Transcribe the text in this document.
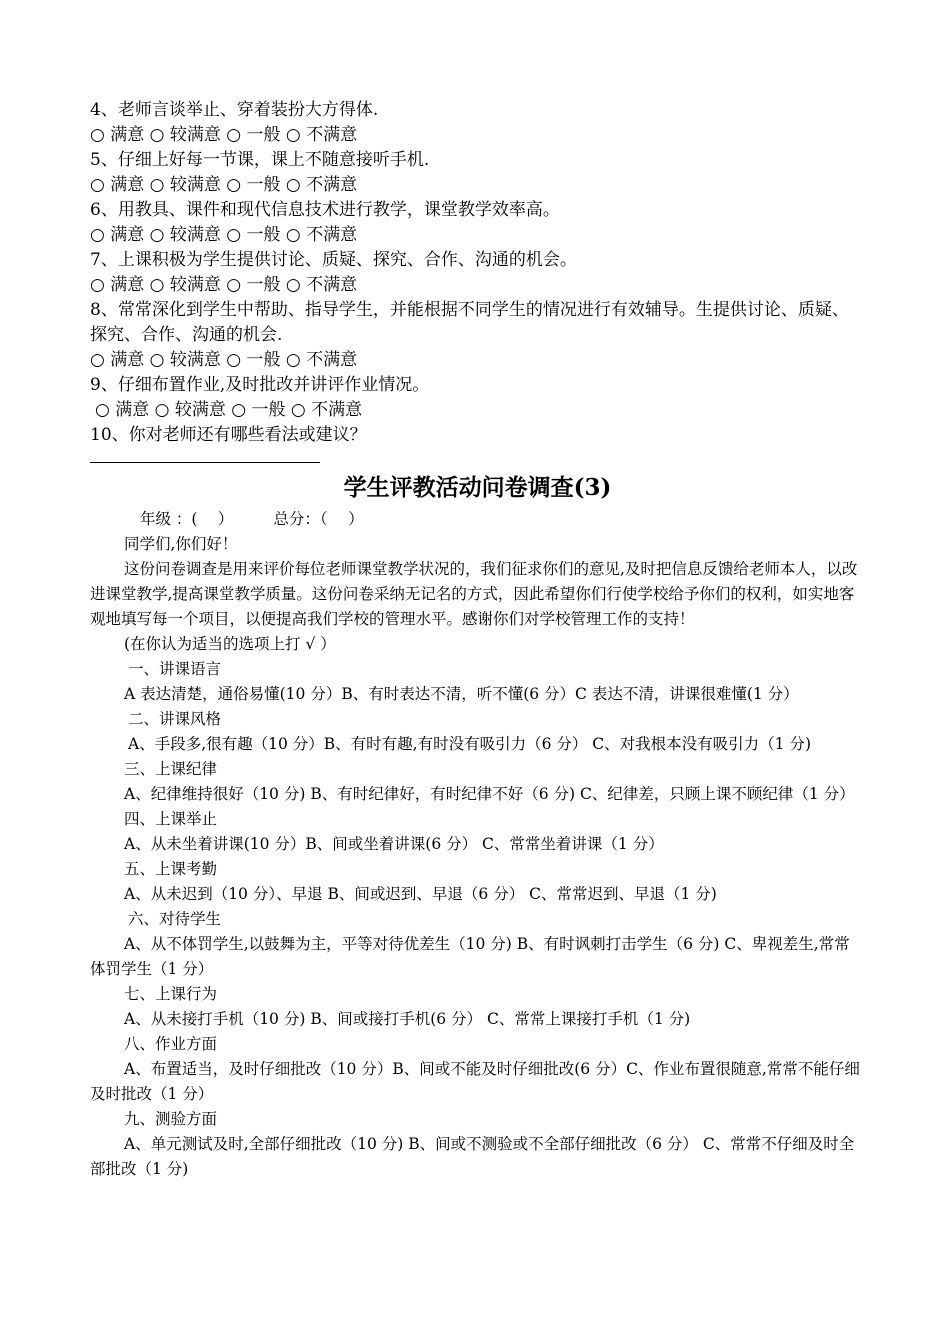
4、老师言谈举止、穿着装扮大方得体.
○ 满意 ○ 较满意 ○ 一般 ○ 不满意
5、仔细上好每一节课，课上不随意接听手机.
○ 满意 ○ 较满意 ○ 一般 ○ 不满意
6、用教具、课件和现代信息技术进行教学，课堂教学效率高。
○ 满意 ○ 较满意 ○ 一般 ○ 不满意
7、上课积极为学生提供讨论、质疑、探究、合作、沟通的机会。
○ 满意 ○ 较满意 ○ 一般 ○ 不满意
8、常常深化到学生中帮助、指导学生，并能根据不同学生的情况进行有效辅导。生提供讨论、质疑、探究、合作、沟通的机会.
○ 满意 ○ 较满意 ○ 一般 ○ 不满意
9、仔细布置作业,及时批改并讲评作业情况。
○ 满意 ○ 较满意 ○ 一般 ○ 不满意
10、你对老师还有哪些看法或建议？
学生评教活动问卷调查(3)
年级 ：(　 ）	总分：（　 ）
同学们,你们好！
这份问卷调查是用来评价每位老师课堂教学状况的，我们征求你们的意见,及时把信息反馈给老师本人，以改进课堂教学,提高课堂教学质量。这份问卷采纳无记名的方式，因此希望你们行使学校给予你们的权利，如实地客观地填写每一个项目，以便提高我们学校的管理水平。感谢你们对学校管理工作的支持！
(在你认为适当的选项上打 √ ）
一、讲课语言
A 表达清楚，通俗易懂(10 分）B、有时表达不清，听不懂(6 分）C 表达不清，讲课很难懂(1 分）
二、讲课风格
A、手段多,很有趣（10 分）B、有时有趣,有时没有吸引力（6 分） C、对我根本没有吸引力（1 分)
三、上课纪律
A、纪律维持很好（10 分) B、有时纪律好，有时纪律不好（6 分) C、纪律差，只顾上课不顾纪律（1 分）
四、上课举止
A、从未坐着讲课(10 分）B、间或坐着讲课(6 分） C、常常坐着讲课（1 分）
五、上课考勤
A、从未迟到（10 分）、早退 B、间或迟到、早退（6 分） C、常常迟到、早退（1 分)
六、对待学生
A、从不体罚学生,以鼓舞为主，平等对待优差生（10 分) B、有时讽刺打击学生（6 分) C、卑视差生,常常体罚学生（1 分）
七、上课行为
A、从未接打手机（10 分) B、间或接打手机(6 分） C、常常上课接打手机（1 分)
八、作业方面
A、布置适当，及时仔细批改（10 分）B、间或不能及时仔细批改(6 分）C、作业布置很随意,常常不能仔细及时批改（1 分）
九、测验方面
A、单元测试及时,全部仔细批改（10 分) B、间或不测验或不全部仔细批改（6 分） C、常常不仔细及时全部批改（1 分)
